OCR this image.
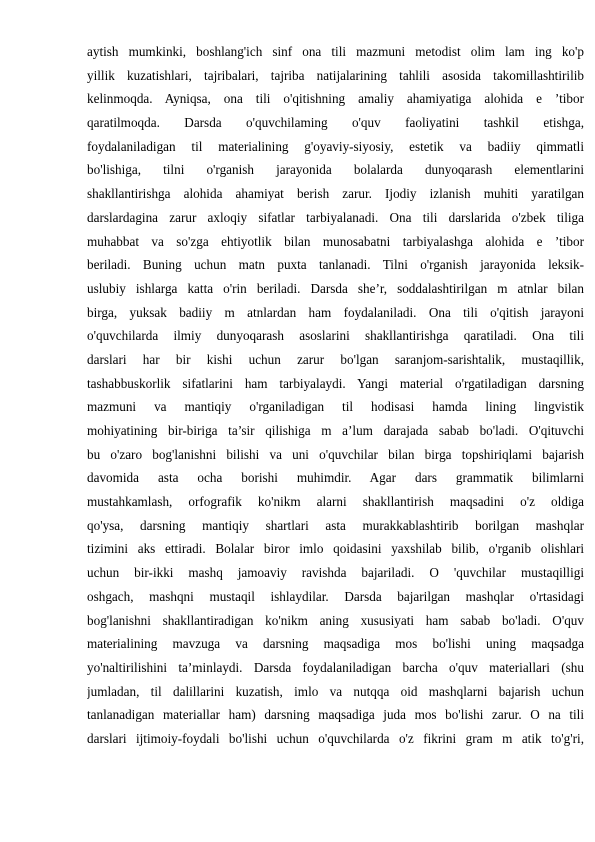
aytish mumkinki, boshlang'ich sinf ona tili mazmuni metodist olim lam ing ko'p
yillik kuzatishlari, tajribalari, tajriba natijalarining tahlili asosida takomillashtirilib
kelinmoqda. Ayniqsa, ona tili o'qitishning amaliy ahamiyatiga alohida e ’tibor
qaratilmoqda. Darsda o'quvchilaming o'quv faoliyatini tashkil etishga,
foydalaniladigan til materialining g'oyaviy-siyosiy, estetik va badiiy qimmatli
bo'lishiga, tilni o'rganish jarayonida bolalarda dunyoqarash elementlarini
shakllantirishga alohida ahamiyat berish zarur. Ijodiy izlanish muhiti yaratilgan
darslardagina zarur axloqiy sifatlar tarbiyalanadi. Ona tili darslarida o'zbek tiliga
muhabbat va so'zga ehtiyotlik bilan munosabatni tarbiyalashga alohida e ’tibor
beriladi. Buning uchun matn puxta tanlanadi. Tilni o'rganish jarayonida leksik-
uslubiy ishlarga katta o'rin beriladi. Darsda she’r, soddalashtirilgan m atnlar bilan
birga, yuksak badiiy m atnlardan ham foydalaniladi. Ona tili o'qitish jarayoni
o'quvchilarda ilmiy dunyoqarash asoslarini shakllantirishga qaratiladi. Ona tili
darslari har bir kishi uchun zarur bo'lgan saranjom-sarishtalik, mustaqillik,
tashabbuskorlik sifatlarini ham tarbiyalaydi. Yangi material o'rgatiladigan darsning
mazmuni va mantiqiy o'rganiladigan til hodisasi hamda lining lingvistik
mohiyatining bir-biriga ta’sir qilishiga m a’lum darajada sabab bo'ladi. O'qituvchi
bu o'zaro bog'lanishni bilishi va uni o'quvchilar bilan birga topshiriqlami bajarish
davomida asta ocha borishi muhimdir. Agar dars grammatik bilimlarni
mustahkamlash, orfografik ko'nikm alarni shakllantirish maqsadini o'z oldiga
qo'ysa, darsning mantiqiy shartlari asta murakkablashtirib borilgan mashqlar
tizimini aks ettiradi. Bolalar biror imlo qoidasini yaxshilab bilib, o'rganib olishlari
uchun bir-ikki mashq jamoaviy ravishda bajariladi. O 'quvchilar mustaqilligi
oshgach, mashqni mustaqil ishlaydilar. Darsda bajarilgan mashqlar o'rtasidagi
bog'lanishni shakllantiradigan ko'nikm aning xususiyati ham sabab bo'ladi. O'quv
materialining mavzuga va darsning maqsadiga mos bo'lishi uning maqsadga
yo'naltirilishini ta’minlaydi. Darsda foydalaniladigan barcha o'quv materiallari (shu
jumladan, til dalillarini kuzatish, imlo va nutqqa oid mashqlarni bajarish uchun
tanlanadigan materiallar ham) darsning maqsadiga juda mos bo'lishi zarur. O na tili
darslari ijtimoiy-foydali bo'lishi uchun o'quvchilarda o'z fikrini gram m atik to'g'ri,
